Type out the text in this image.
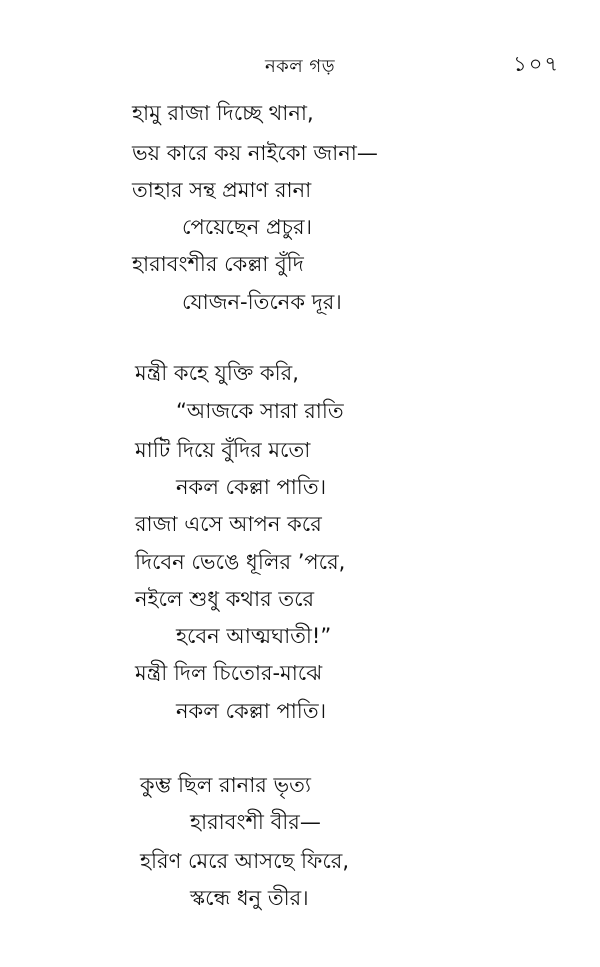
নকল গড়	১০৭
হামু রাজা দিচ্ছে থানা,
ভয় কারে কয় নাইকো জানা—
তাহার সন্থ প্রমাণ রানা
পেয়েছেন প্রচুর।
হারাবংশীর কেল্লা বুঁদি
যোজন-তিনেক দূর।
মন্ত্রী কহে যুক্তি করি,
“আজকে সারা রাতি
মাটি দিয়ে বুঁদির মতো
নকল কেল্লা পাতি।
রাজা এসে আপন করে
দিবেন ভেঙে ধূলির ’পরে,
নইলে শুধু কথার তরে
হবেন আত্মঘাতী!”
মন্ত্রী দিল চিতোর-মাঝে
নকল কেল্লা পাতি।
কুম্ভ ছিল রানার ভৃত্য
হারাবংশী বীর—
হরিণ মেরে আসছে ফিরে,
স্কন্ধে ধনু তীর।
